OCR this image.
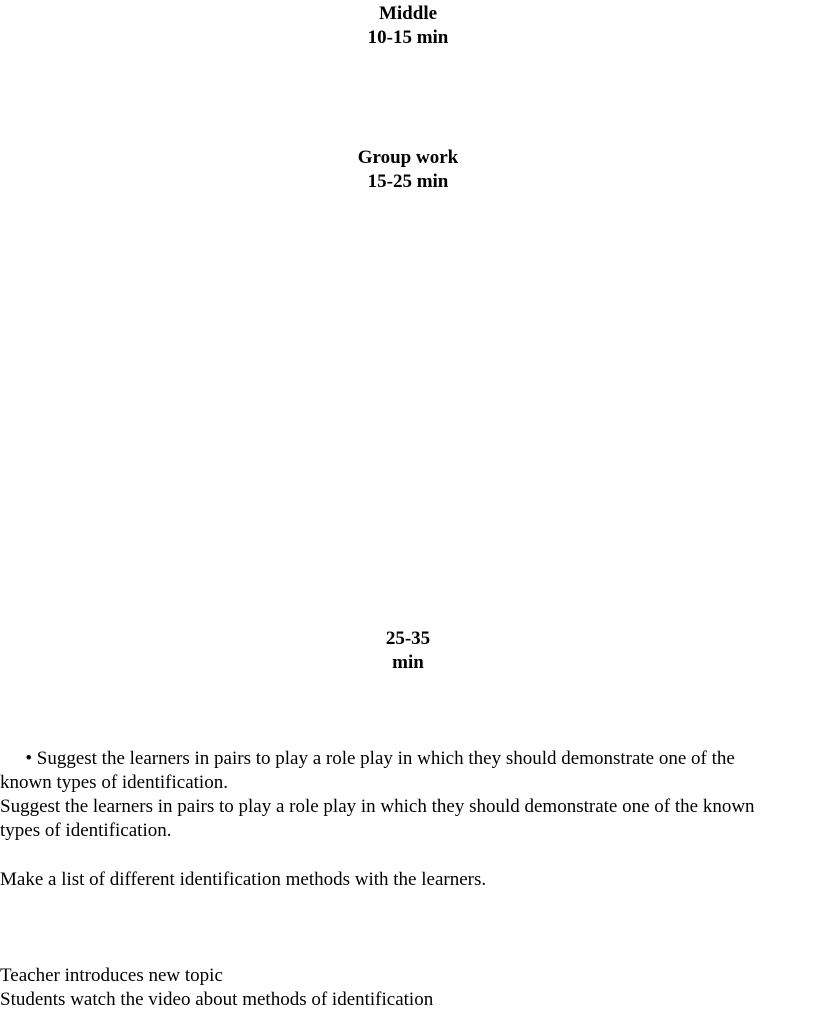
Middle
10-15 min
Group work
15-25 min
25-35
min
• Suggest the learners in pairs to play a role play in which they should demonstrate one of the
known types of identification.
Suggest the learners in pairs to play a role play in which they should demonstrate one of the known
types of identification.
Make a list of different identification methods with the learners.
Teacher introduces new topic
Students watch the video about methods of identification
